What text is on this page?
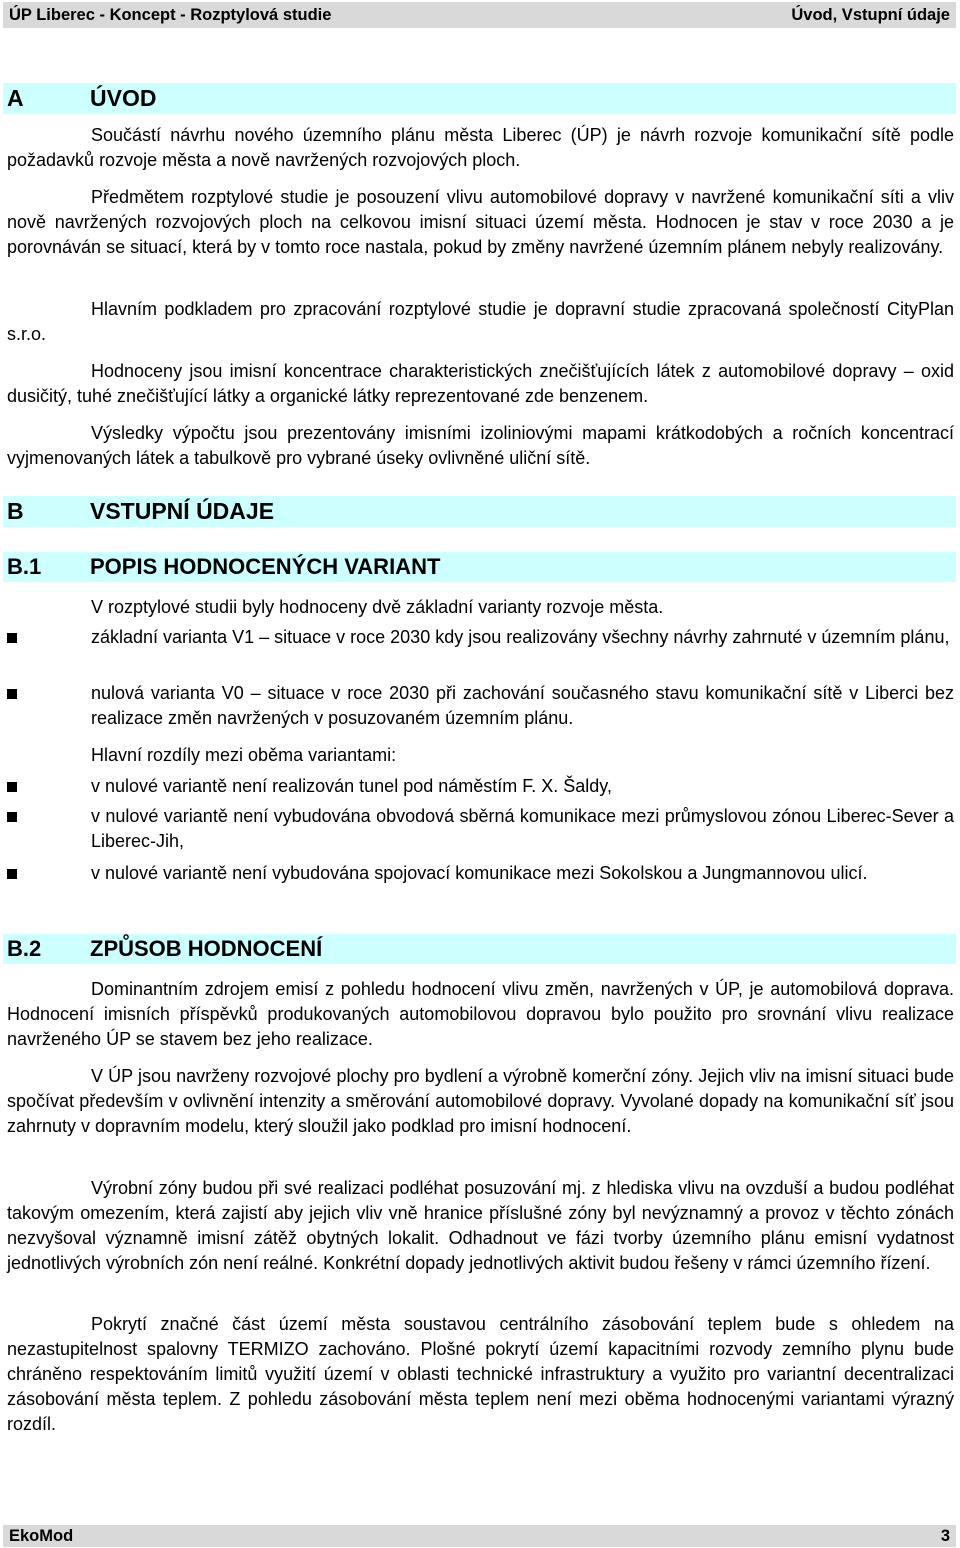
ÚP Liberec - Koncept - Rozptylová studie	Úvod, Vstupní údaje
A	ÚVOD

Součástí návrhu nového územního plánu města Liberec (ÚP) je návrh rozvoje komunikační sítě podle požadavků rozvoje města a nově navržených rozvojových ploch.

Předmětem rozptylové studie je posouzení vlivu automobilové dopravy v navržené komunikační síti a vliv nově navržených rozvojových ploch na celkovou imisní situaci území města. Hodnocen je stav v roce 2030 a je porovnáván se situací, která by v tomto roce nastala, pokud by změny navržené územním plánem nebyly realizovány.

Hlavním podkladem pro zpracování rozptylové studie je dopravní studie zpracovaná společností CityPlan s.r.o.

Hodnoceny jsou imisní koncentrace charakteristických znečišťujících látek z automobilové dopravy – oxid dusičitý, tuhé znečišťující látky a organické látky reprezentované zde benzenem.

Výsledky výpočtu jsou prezentovány imisními izoliniovými mapami krátkodobých a ročních koncentrací vyjmenovaných látek a tabulkově pro vybrané úseky ovlivněné uliční sítě.

B	VSTUPNÍ ÚDAJE
B.1 POPIS HODNOCENÝCH VARIANT

V rozptylové studii byly hodnoceny dvě základní varianty rozvoje města.

základní varianta V1 – situace v roce 2030 kdy jsou realizovány všechny návrhy zahrnuté v územním plánu,
nulová varianta V0 – situace v roce 2030 při zachování současného stavu komunikační sítě v Liberci bez realizace změn navržených v posuzovaném územním plánu.

Hlavní rozdíly mezi oběma variantami:

v nulové variantě není realizován tunel pod náměstím F. X. Šaldy,
v nulové variantě není vybudována obvodová sběrná komunikace mezi průmyslovou zónou Liberec-Sever a Liberec-Jih,
v nulové variantě není vybudována spojovací komunikace mezi Sokolskou a Jungmannovou ulicí.
B.2 ZPŮSOB HODNOCENÍ

Dominantním zdrojem emisí z pohledu hodnocení vlivu změn, navržených v ÚP, je automobilová doprava. Hodnocení imisních příspěvků produkovaných automobilovou dopravou bylo použito pro srovnání vlivu realizace navrženého ÚP se stavem bez jeho realizace.

V ÚP jsou navrženy rozvojové plochy pro bydlení a výrobně komerční zóny. Jejich vliv na imisní situaci bude spočívat především v ovlivnění intenzity a směrování automobilové dopravy. Vyvolané dopady na komunikační síť jsou zahrnuty v dopravním modelu, který sloužil jako podklad pro imisní hodnocení.

Výrobní zóny budou při své realizaci podléhat posuzování mj. z hlediska vlivu na ovzduší a budou podléhat takovým omezením, která zajistí aby jejich vliv vně hranice příslušné zóny byl nevýznamný a provoz v těchto zónách nezvyšoval významně imisní zátěž obytných lokalit. Odhadnout ve fázi tvorby územního plánu emisní vydatnost jednotlivých výrobních zón není reálné. Konkrétní dopady jednotlivých aktivit budou řešeny v rámci územního řízení.

Pokrytí značné část území města soustavou centrálního zásobování teplem bude s ohledem na nezastupitelnost spalovny TERMIZO zachováno. Plošné pokrytí území kapacitními rozvody zemního plynu bude chráněno respektováním limitů využití území v oblasti technické infrastruktury a využito pro variantní decentralizaci zásobování města teplem. Z pohledu zásobování města teplem není mezi oběma hodnocenými variantami výrazný rozdíl.

EkoMod	3
